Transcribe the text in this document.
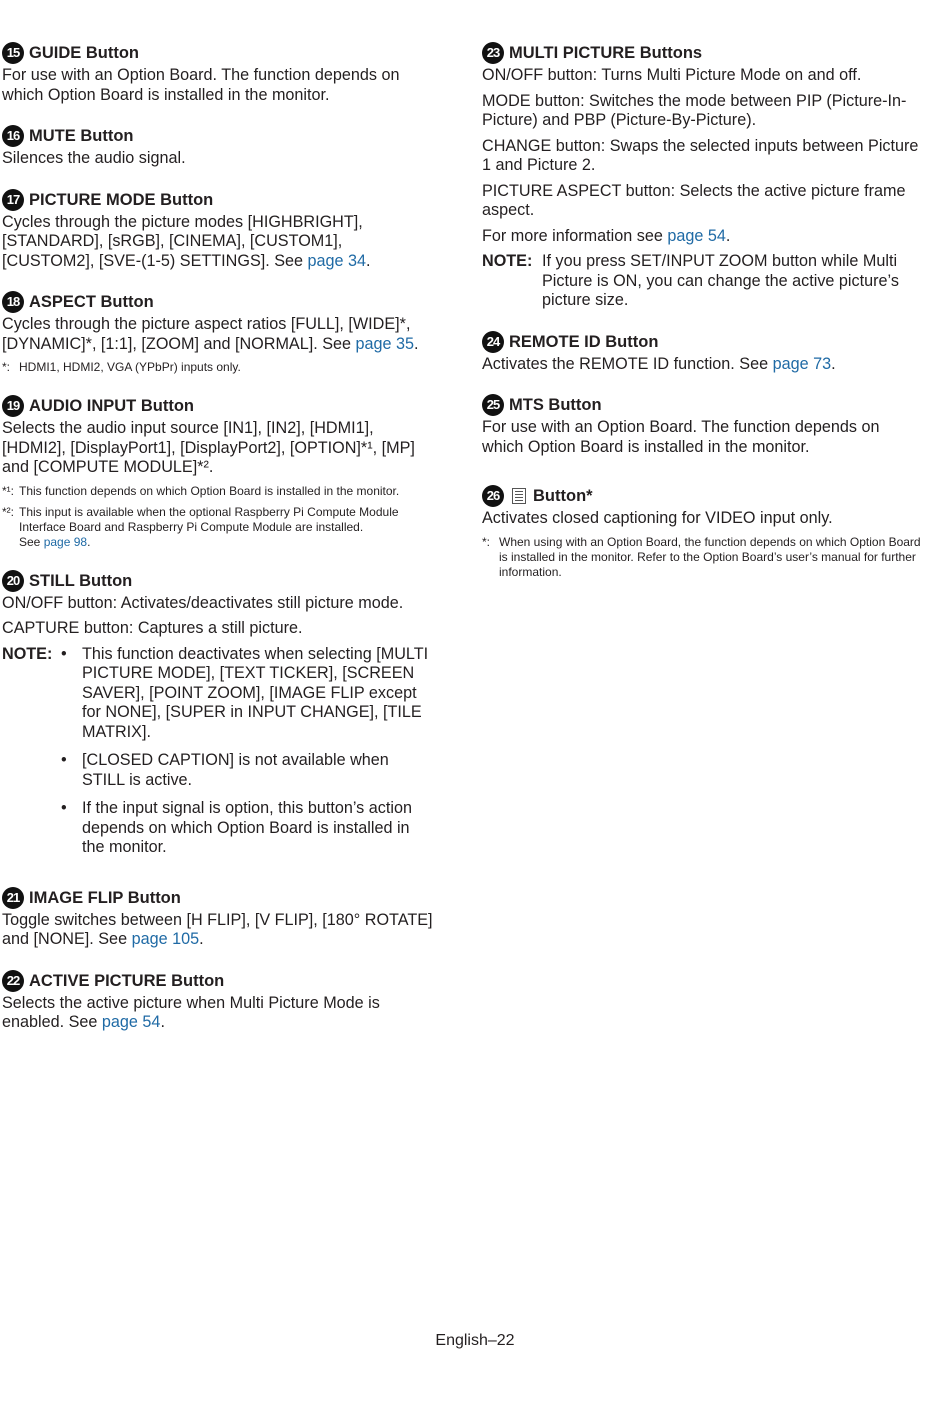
15 GUIDE Button

For use with an Option Board. The function depends on which Option Board is installed in the monitor.

16 MUTE Button

Silences the audio signal.

17 PICTURE MODE Button

Cycles through the picture modes [HIGHBRIGHT], [STANDARD], [sRGB], [CINEMA], [CUSTOM1], [CUSTOM2], [SVE-(1-5) SETTINGS]. See page 34.

18 ASPECT Button

Cycles through the picture aspect ratios [FULL], [WIDE]*, [DYNAMIC]*, [1:1], [ZOOM] and [NORMAL]. See page 35.

*: HDMI1, HDMI2, VGA (YPbPr) inputs only.
19 AUDIO INPUT Button

Selects the audio input source [IN1], [IN2], [HDMI1], [HDMI2], [DisplayPort1], [DisplayPort2], [OPTION]*¹, [MP] and [COMPUTE MODULE]*².

*¹: This function depends on which Option Board is installed in the monitor.
*²: This input is available when the optional Raspberry Pi Compute Module Interface Board and Raspberry Pi Compute Module are installed.
See page 98.
20 STILL Button

ON/OFF button: Activates/deactivates still picture mode.

CAPTURE button: Captures a still picture.

NOTE: • This function deactivates when selecting [MULTI PICTURE MODE], [TEXT TICKER], [SCREEN SAVER], [POINT ZOOM], [IMAGE FLIP except for NONE], [SUPER in INPUT CHANGE], [TILE MATRIX].
• [CLOSED CAPTION] is not available when STILL is active.
• If the input signal is option, this button’s action depends on which Option Board is installed in the monitor.
21 IMAGE FLIP Button

Toggle switches between [H FLIP], [V FLIP], [180° ROTATE] and [NONE]. See page 105.

22 ACTIVE PICTURE Button

Selects the active picture when Multi Picture Mode is enabled. See page 54.

23 MULTI PICTURE Buttons

ON/OFF button: Turns Multi Picture Mode on and off.

MODE button: Switches the mode between PIP (Picture-In-Picture) and PBP (Picture-By-Picture).

CHANGE button: Swaps the selected inputs between Picture 1 and Picture 2.

PICTURE ASPECT button: Selects the active picture frame aspect.

For more information see page 54.

NOTE: If you press SET/INPUT ZOOM button while Multi Picture is ON, you can change the active picture’s picture size.
24 REMOTE ID Button

Activates the REMOTE ID function. See page 73.

25 MTS Button

For use with an Option Board. The function depends on which Option Board is installed in the monitor.

26 Button*

Activates closed captioning for VIDEO input only.

*: When using with an Option Board, the function depends on which Option Board is installed in the monitor. Refer to the Option Board’s user’s manual for further information.
English–22
